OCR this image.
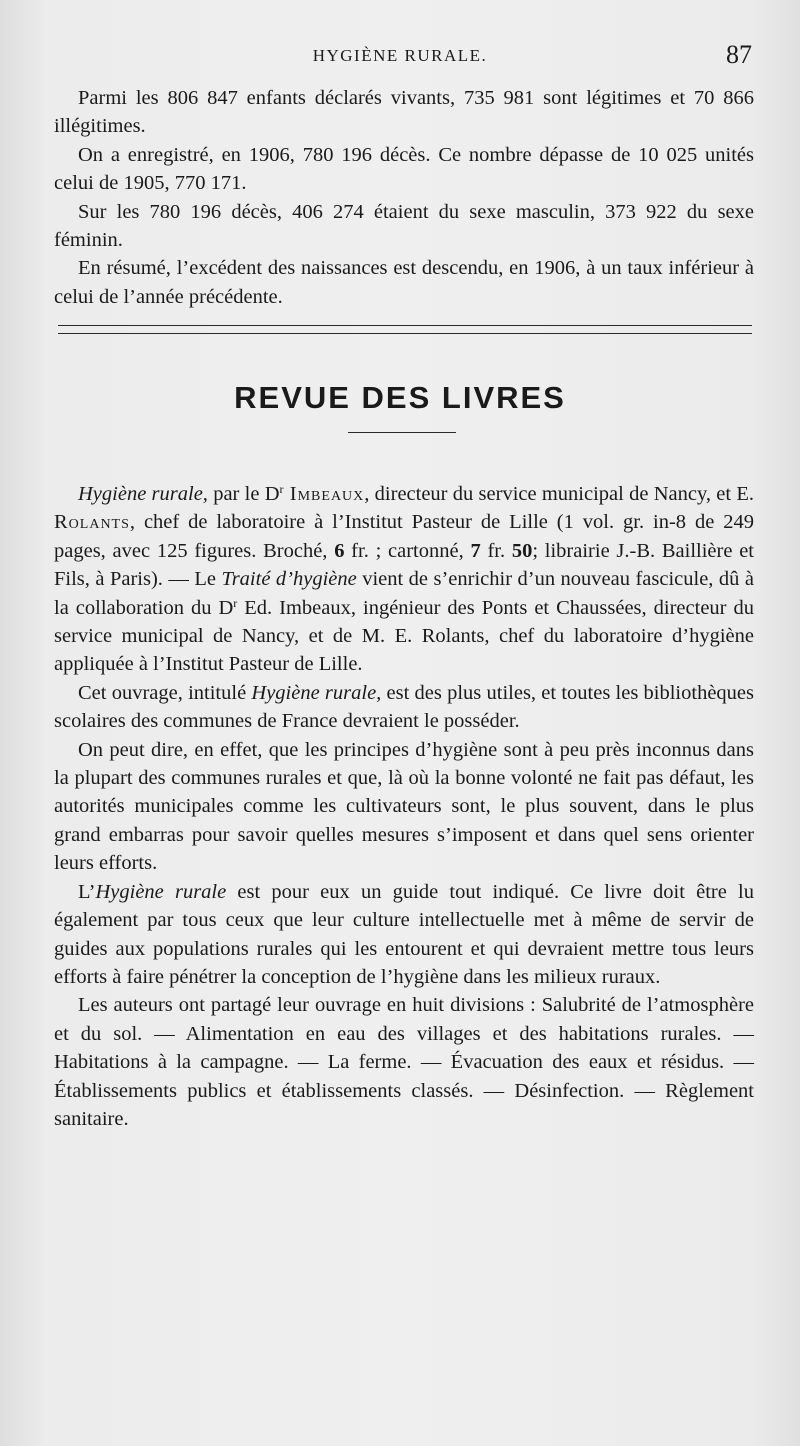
HYGIÈNE RURALE.	87

Parmi les 806 847 enfants déclarés vivants, 735 981 sont légitimes et 70 866 illégitimes.

On a enregistré, en 1906, 780 196 décès. Ce nombre dépasse de 10 025 unités celui de 1905, 770 171.

Sur les 780 196 décès, 406 274 étaient du sexe masculin, 373 922 du sexe féminin.

En résumé, l’excédent des naissances est descendu, en 1906, à un taux inférieur à celui de l’année précédente.

REVUE DES LIVRES

Hygiène rurale, par le $D^r$ Imbeaux, directeur du service municipal de Nancy, et E. Rolants, chef de laboratoire à l’Institut Pasteur de Lille (1 vol. gr. in-8 de 249 pages, avec 125 figures. Broché, 6 fr. ; cartonné, 7 fr. 50; librairie J.-B. Baillière et Fils, à Paris). — Le Traité d’hygiène vient de s’enrichir d’un nouveau fascicule, dû à la collaboration du $D^r$ Ed. Imbeaux, ingénieur des Ponts et Chaussées, directeur du service municipal de Nancy, et de M. E. Rolants, chef du laboratoire d’hygiène appliquée à l’Institut Pasteur de Lille.

Cet ouvrage, intitulé Hygiène rurale, est des plus utiles, et toutes les bibliothèques scolaires des communes de France devraient le posséder.

On peut dire, en effet, que les principes d’hygiène sont à peu près inconnus dans la plupart des communes rurales et que, là où la bonne volonté ne fait pas défaut, les autorités municipales comme les cultivateurs sont, le plus souvent, dans le plus grand embarras pour savoir quelles mesures s’imposent et dans quel sens orienter leurs efforts.

L’Hygiène rurale est pour eux un guide tout indiqué. Ce livre doit être lu également par tous ceux que leur culture intellectuelle met à même de servir de guides aux populations rurales qui les entourent et qui devraient mettre tous leurs efforts à faire pénétrer la conception de l’hygiène dans les milieux ruraux.

Les auteurs ont partagé leur ouvrage en huit divisions : Salubrité de l’atmosphère et du sol. — Alimentation en eau des villages et des habitations rurales. — Habitations à la campagne. — La ferme. — Évacuation des eaux et résidus. — Établissements publics et établissements classés. — Désinfection. — Règlement sanitaire.
